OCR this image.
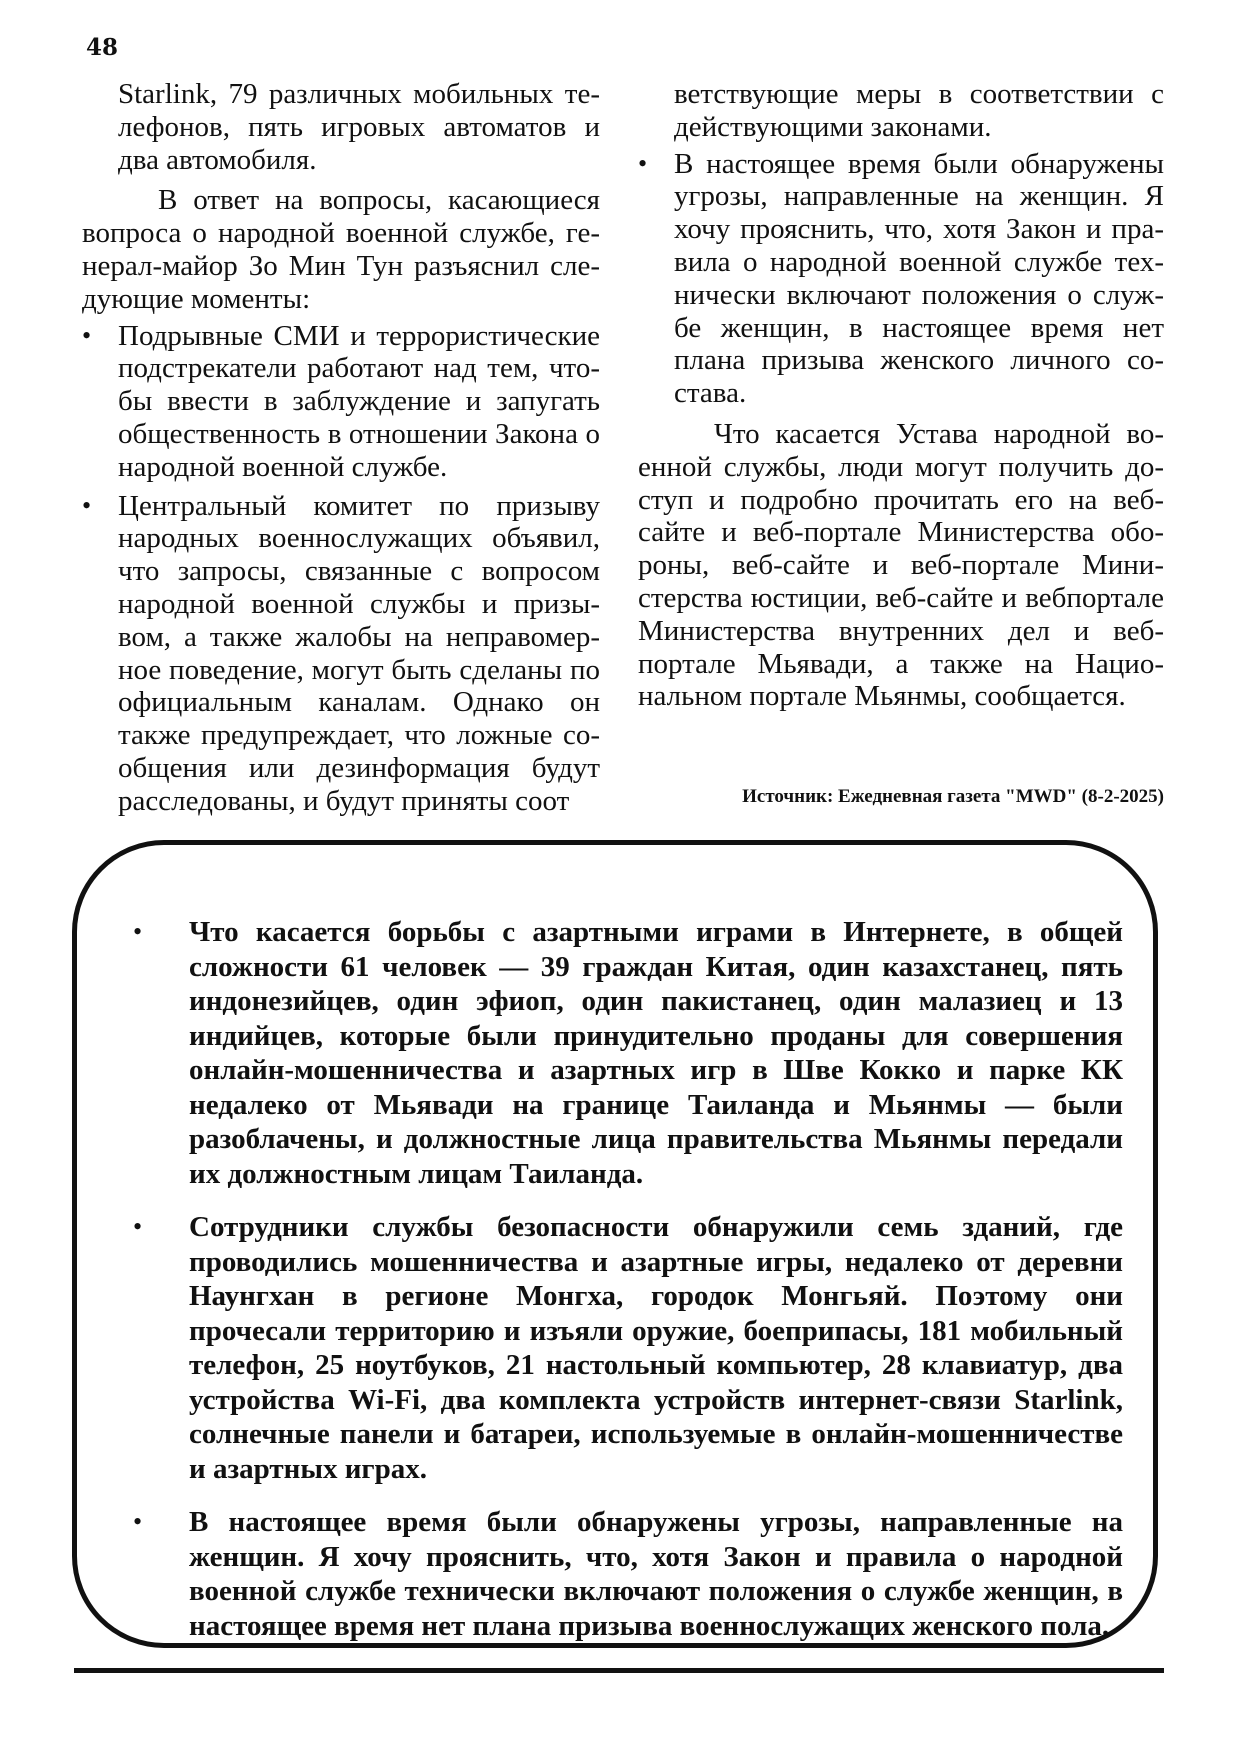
48

Starlink, 79 различных мобильных телефонов, пять игровых автоматов и два автомобиля.

В ответ на вопросы, касающиеся вопроса о народной военной службе, генерал-майор Зо Мин Тун разъяснил следующие моменты:

• Подрывные СМИ и террористические подстрекатели работают над тем, чтобы ввести в заблуждение и запугать общественность в отношении Закона о народной военной службе.
• Центральный комитет по призыву народных военнослужащих объявил, что запросы, связанные с вопросом народной военной службы и призывом, а также жалобы на неправомерное поведение, могут быть сделаны по официальным каналам. Однако он также предупреждает, что ложные сообщения или дезинформация будут расследованы, и будут приняты соот

ветствующие меры в соответствии с действующими законами.

• В настоящее время были обнаружены угрозы, направленные на женщин. Я хочу прояснить, что, хотя Закон и правила о народной военной службе технически включают положения о службе женщин, в настоящее время нет плана призыва женского личного состава.

Что касается Устава народной военной службы, люди могут получить доступ и подробно прочитать его на вебсайте и веб-портале Министерства обороны, веб-сайте и веб-портале Министерства юстиции, веб-сайте и вебпортале Министерства внутренних дел и веб-портале Мьявади, а также на Национальном портале Мьянмы, сообщается.

Источник: Ежедневная газета "MWD" (8-2-2025)
• Что касается борьбы с азартными играми в Интернете, в общей сложности 61 человек — 39 граждан Китая, один казахстанец, пять индонезийцев, один эфиоп, один пакистанец, один малазиец и 13 индийцев, которые были принудительно проданы для совершения онлайн-мошенничества и азартных игр в Шве Кокко и парке КК недалеко от Мьявади на границе Таиланда и Мьянмы — были разоблачены, и должностные лица правительства Мьянмы передали их должностным лицам Таиланда.
• Сотрудники службы безопасности обнаружили семь зданий, где проводились мошенничества и азартные игры, недалеко от деревни Наунгхан в регионе Монгха, городок Монгьяй. Поэтому они прочесали территорию и изъяли оружие, боеприпасы, 181 мобильный телефон, 25 ноутбуков, 21 настольный компьютер, 28 клавиатур, два устройства Wi-Fi, два комплекта устройств интернет-связи Starlink, солнечные панели и батареи, используемые в онлайн-мошенничестве и азартных играх.
• В настоящее время были обнаружены угрозы, направленные на женщин. Я хочу прояснить, что, хотя Закон и правила о народной военной службе технически включают положения о службе женщин, в настоящее время нет плана призыва военнослужащих женского пола.
